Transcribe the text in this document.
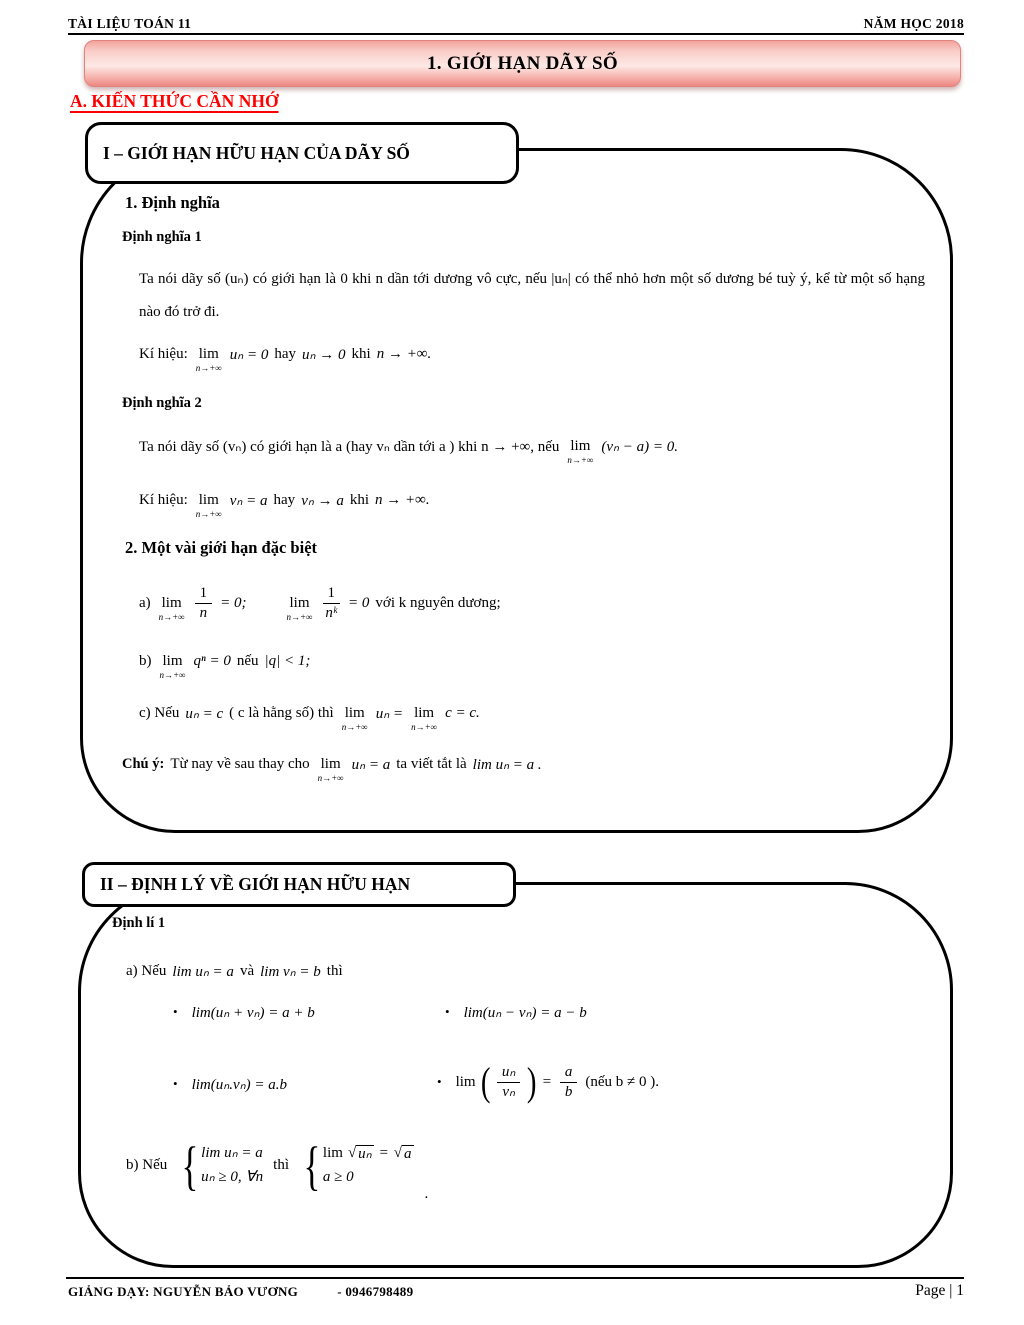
TÀI LIỆU TOÁN 11	NĂM HỌC 2018
1. GIỚI HẠN DÃY SỐ
A. KIẾN THỨC CẦN NHỚ
I – GIỚI HẠN HỮU HẠN CỦA DÃY SỐ
1. Định nghĩa
Định nghĩa 1
Ta nói dãy số (uₙ) có giới hạn là 0 khi n dần tới dương vô cực, nếu |uₙ| có thể nhỏ hơn một số dương bé tuỳ ý, kể từ một số hạng nào đó trở đi.
Kí hiệu: lim
n→+∞
uₙ = 0 hay uₙ → 0 khi n → +∞.
Định nghĩa 2
Ta nói dãy số (vₙ) có giới hạn là a (hay vₙ dần tới a ) khi n → +∞, nếu lim
n→+∞
(vₙ − a) = 0.
Kí hiệu: lim
n→+∞
vₙ = a hay vₙ → a khi n → +∞.
2. Một vài giới hạn đặc biệt
a) lim
$n\to+\infty \frac{1}{n} = 0$;	lim
$n\to+\infty \frac{1}{\text{nᵏ}} = 0$ với k nguyên dương;
b) lim
n→+∞
qⁿ = 0 nếu |q| < 1;
c) Nếu uₙ = c ( c là hằng số) thì lim
n→+∞
uₙ = lim
n→+∞
c = c.
Chú ý: Từ nay về sau thay cho lim
n→+∞
uₙ = a ta viết tắt là lim uₙ = a .
II – ĐỊNH LÝ VỀ GIỚI HẠN HỮU HẠN
Định lí 1
a) Nếu lim uₙ = a và lim vₙ = b thì
• lim(uₙ + vₙ) = a + b	• lim(uₙ − vₙ) = a − b
• lim(uₙ.vₙ) = a.b	• lim ( $\frac{\text{uₙ}}{\text{vₙ}}$ ) = $\frac{a}{b}$ (nếu b ≠ 0 ).
b) Nếu { lim uₙ = a
uₙ ≥ 0, ∀n
thì { lim √ uₙ = √ a
a ≥ 0
.
GIẢNG DẠY: NGUYỄN BẢO VƯƠNG	- 0946798489	Page | 1
